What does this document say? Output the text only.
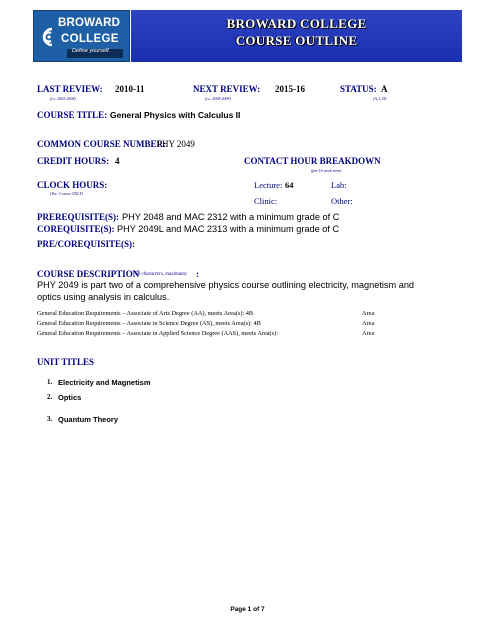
BROWARD
COLLEGE
Define yourself.
BROWARD COLLEGE
COURSE OUTLINE
LAST REVIEW: 2010-11
(i.e. 2003-2004)
NEXT REVIEW: 2015-16
(i.e. 2008-2009)
STATUS: A
(A, I, D)
COURSE TITLE: General Physics with Calculus II
COMMON COURSE NUMBER:
PHY 2049
CREDIT HOURS: 4	CONTACT HOUR BREAKDOWN
(per 16 week term)
CLOCK HOURS:
(Voc. Course ONLY)
Lecture: 64	Lab:
Clinic:	Other:
PREREQUISITE(S): PHY 2048 and MAC 2312 with a minimum grade of C
COREQUISITE(S): PHY 2049L and MAC 2313 with a minimum grade of C
PRE/COREQUISITE(S):
COURSE DESCRIPTION
(750 characters, maximum) :
PHY 2049 is part two of a comprehensive physics course outlining electricity, magnetism and
optics using analysis in calculus.
General Education Requirements – Associate of Arts Degree (AA), meets Area(s): 4B	Area
General Education Requirements – Associate in Science Degree (AS), meets Area(s): 4B	Area
General Education Requirements – Associate in Applied Science Degree (AAS), meets Area(s):	Area
UNIT TITLES
1. Electricity and Magnetism
2. Optics
3. Quantum Theory
Page 1 of 7
